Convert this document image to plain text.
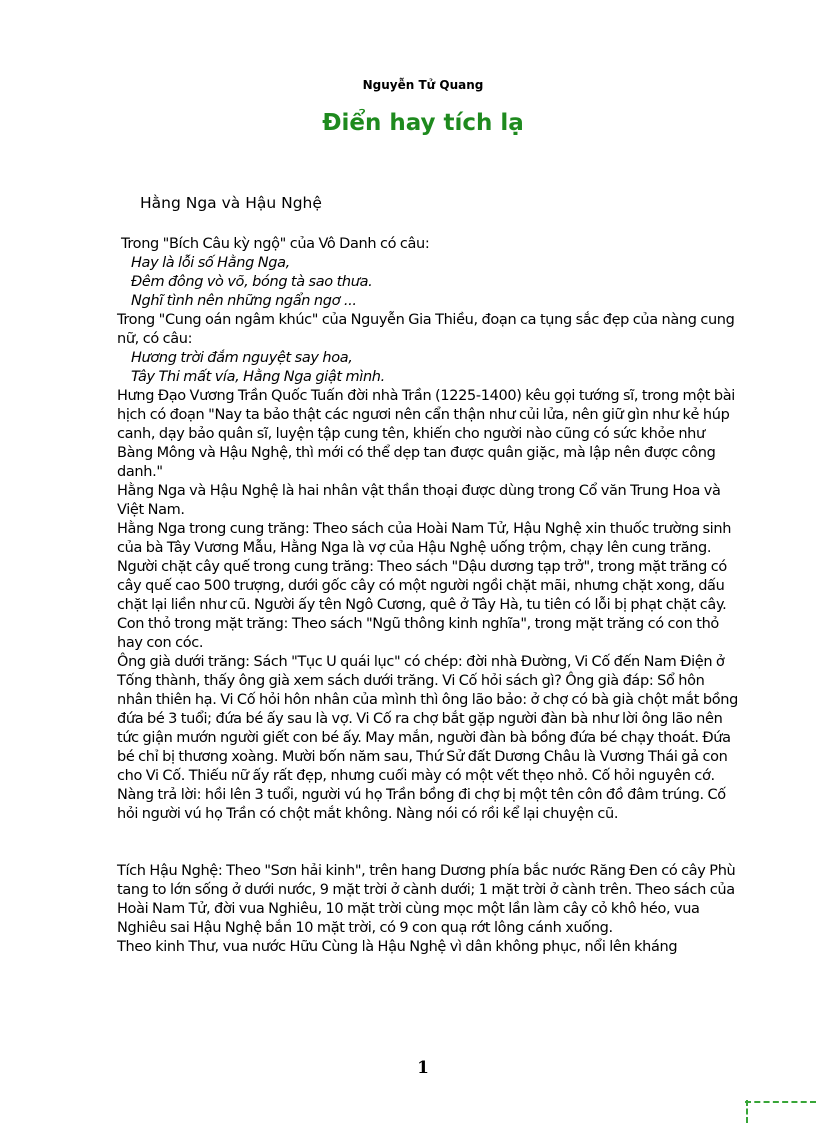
Nguyễn Tử Quang
Điển hay tích lạ
Hằng Nga và Hậu Nghệ

Trong "Bích Câu kỳ ngộ" của Vô Danh có câu:

Hay là lỗi số Hằng Nga,

Đêm đông vò võ, bóng tà sao thưa.

Nghĩ tình nên những ngẩn ngơ ...

Trong "Cung oán ngâm khúc" của Nguyễn Gia Thiều, đoạn ca tụng sắc đẹp của nàng cung nữ, có câu:

Hương trời đắm nguyệt say hoa,

Tây Thi mất vía, Hằng Nga giật mình.

Hưng Đạo Vương Trần Quốc Tuấn đời nhà Trần (1225-1400) kêu gọi tướng sĩ, trong một bài hịch có đoạn "Nay ta bảo thật các ngươi nên cẩn thận như củi lửa, nên giữ gìn như kẻ húp canh, dạy bảo quân sĩ, luyện tập cung tên, khiến cho người nào cũng có sức khỏe như Bàng Mông và Hậu Nghệ, thì mới có thể dẹp tan được quân giặc, mà lập nên được công danh."

Hằng Nga và Hậu Nghệ là hai nhân vật thần thoại được dùng trong Cổ văn Trung Hoa và Việt Nam.

Hằng Nga trong cung trăng: Theo sách của Hoài Nam Tử, Hậu Nghệ xin thuốc trường sinh của bà Tây Vương Mẫu, Hằng Nga là vợ của Hậu Nghệ uống trộm, chạy lên cung trăng.

Người chặt cây quế trong cung trăng: Theo sách "Dậu dương tạp trở", trong mặt trăng có cây quế cao 500 trượng, dưới gốc cây có một người ngồi chặt mãi, nhưng chặt xong, dấu chặt lại liền như cũ. Người ấy tên Ngô Cương, quê ở Tây Hà, tu tiên có lỗi bị phạt chặt cây.

Con thỏ trong mặt trăng: Theo sách "Ngũ thông kinh nghĩa", trong mặt trăng có con thỏ hay con cóc.

Ông già dưới trăng: Sách "Tục U quái lục" có chép: đời nhà Đường, Vi Cố đến Nam Điện ở Tống thành, thấy ông già xem sách dưới trăng. Vi Cố hỏi sách gì? Ông già đáp: Sổ hôn nhân thiên hạ. Vi Cố hỏi hôn nhân của mình thì ông lão bảo: ở chợ có bà già chột mắt bồng đứa bé 3 tuổi; đứa bé ấy sau là vợ. Vi Cố ra chợ bắt gặp người đàn bà như lời ông lão nên tức giận mướn người giết con bé ấy. May mắn, người đàn bà bồng đứa bé chạy thoát. Đứa bé chỉ bị thương xoàng. Mười bốn năm sau, Thứ Sử đất Dương Châu là Vương Thái gả con cho Vi Cố. Thiếu nữ ấy rất đẹp, nhưng cuối mày có một vết thẹo nhỏ. Cố hỏi nguyên cớ. Nàng trả lời: hồi lên 3 tuổi, người vú họ Trần bồng đi chợ bị một tên côn đồ đâm trúng. Cố hỏi người vú họ Trần có chột mắt không. Nàng nói có rồi kể lại chuyện cũ.

Tích Hậu Nghệ: Theo "Sơn hải kinh", trên hang Dương phía bắc nước Răng Đen có cây Phù tang to lớn sống ở dưới nước, 9 mặt trời ở cành dưới; 1 mặt trời ở cành trên. Theo sách của Hoài Nam Tử, đời vua Nghiêu, 10 mặt trời cùng mọc một lần làm cây cỏ khô héo, vua Nghiêu sai Hậu Nghệ bắn 10 mặt trời, có 9 con quạ rớt lông cánh xuống.

Theo kinh Thư, vua nước Hữu Cùng là Hậu Nghệ vì dân không phục, nổi lên kháng

1
